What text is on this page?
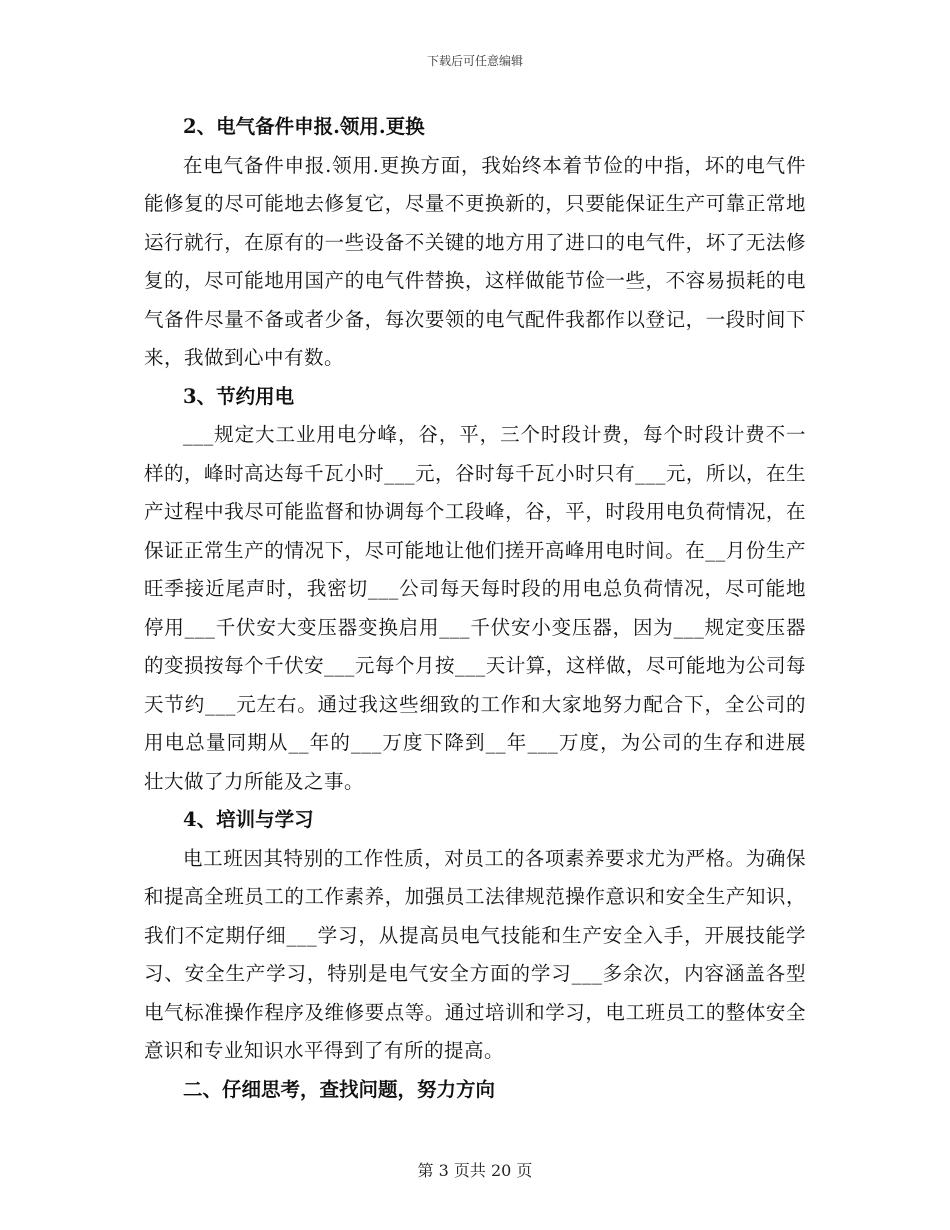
下载后可任意编辑
2、电气备件申报.领用.更换

在电气备件申报.领用.更换方面，我始终本着节俭的中指，坏的电气件能修复的尽可能地去修复它，尽量不更换新的，只要能保证生产可靠正常地运行就行，在原有的一些设备不关键的地方用了进口的电气件，坏了无法修复的，尽可能地用国产的电气件替换，这样做能节俭一些，不容易损耗的电气备件尽量不备或者少备，每次要领的电气配件我都作以登记，一段时间下来，我做到心中有数。

3、节约用电

___规定大工业用电分峰，谷，平，三个时段计费，每个时段计费不一样的，峰时高达每千瓦小时___元，谷时每千瓦小时只有___元，所以，在生产过程中我尽可能监督和协调每个工段峰，谷，平，时段用电负荷情况，在保证正常生产的情况下，尽可能地让他们搓开高峰用电时间。在__月份生产旺季接近尾声时，我密切___公司每天每时段的用电总负荷情况，尽可能地停用___千伏安大变压器变换启用___千伏安小变压器，因为___规定变压器的变损按每个千伏安___元每个月按___天计算，这样做，尽可能地为公司每天节约___元左右。通过我这些细致的工作和大家地努力配合下，全公司的用电总量同期从__年的___万度下降到__年___万度，为公司的生存和进展壮大做了力所能及之事。

4、培训与学习

电工班因其特别的工作性质，对员工的各项素养要求尤为严格。为确保和提高全班员工的工作素养，加强员工法律规范操作意识和安全生产知识，我们不定期仔细___学习，从提高员电气技能和生产安全入手，开展技能学习、安全生产学习，特别是电气安全方面的学习___多余次，内容涵盖各型电气标准操作程序及维修要点等。通过培训和学习，电工班员工的整体安全意识和专业知识水平得到了有所的提高。

二、仔细思考，查找问题，努力方向
第 3 页共 20 页
